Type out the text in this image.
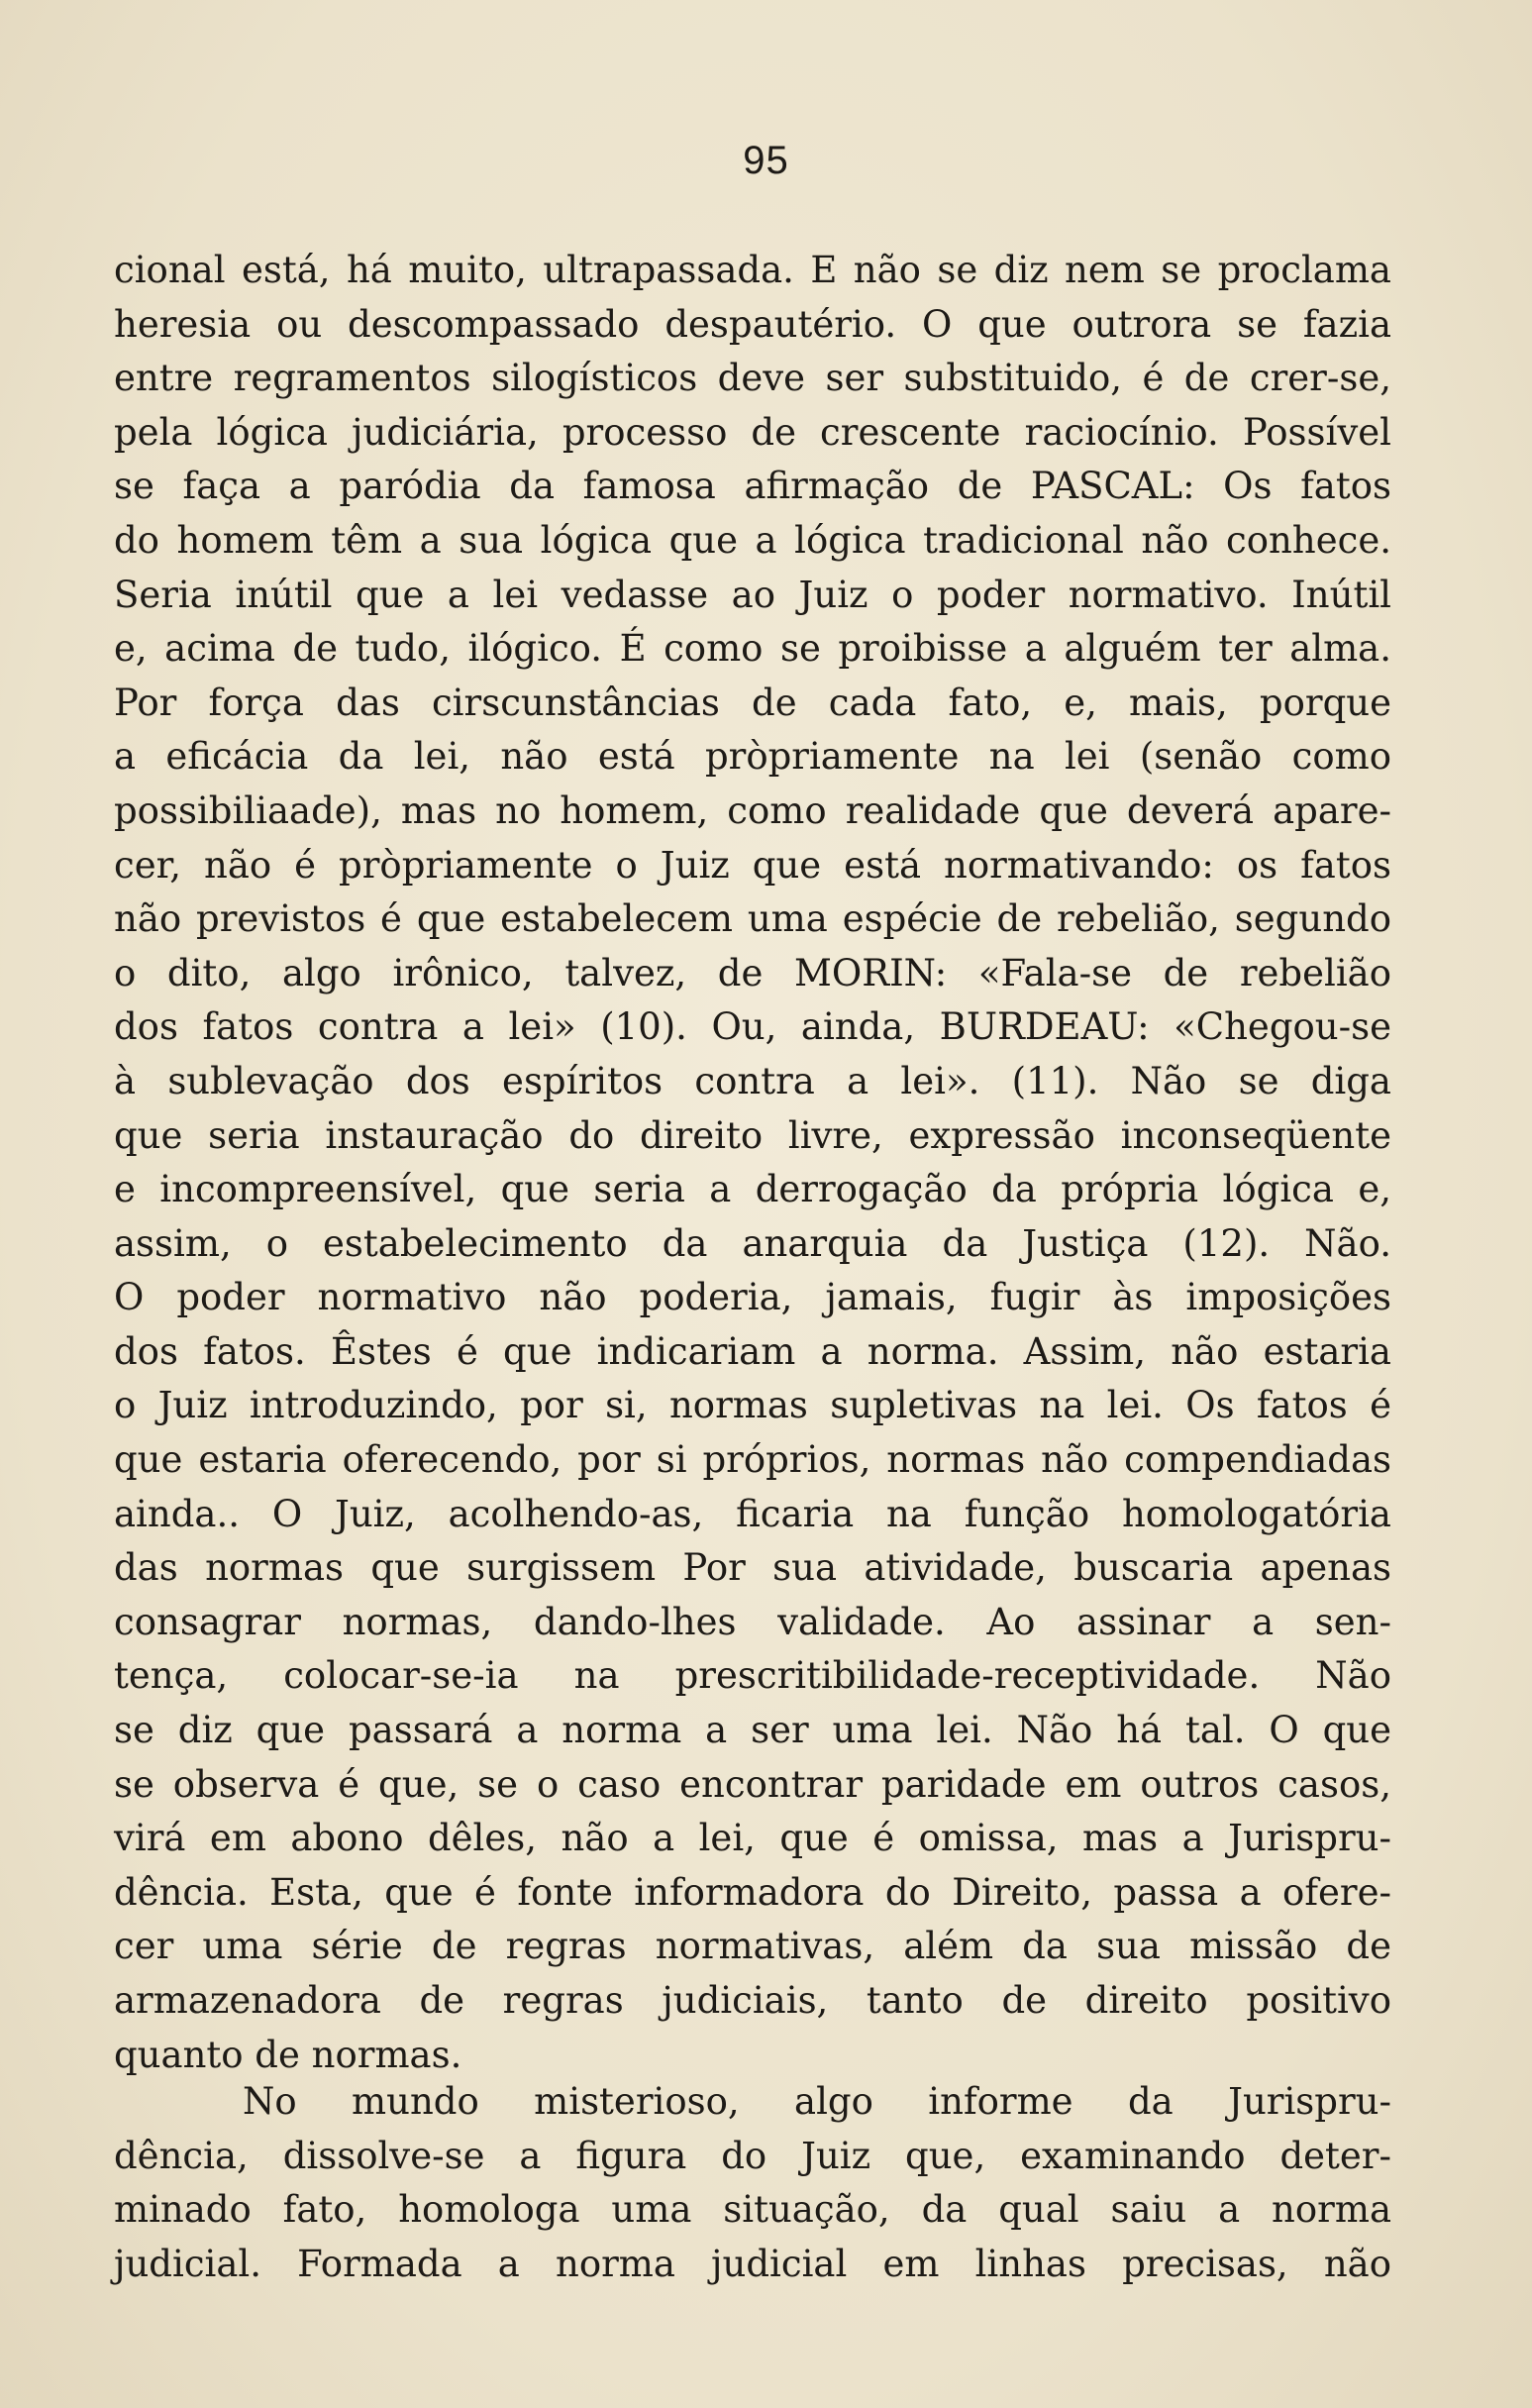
95
cional está, há muito, ultrapassada. E não se diz nem se proclama
heresia ou descompassado despautério. O que outrora se fazia
entre regramentos silogísticos deve ser substituido, é de crer-se,
pela lógica judiciária, processo de crescente raciocínio. Possível
se faça a paródia da famosa afirmação de PASCAL: Os fatos
do homem têm a sua lógica que a lógica tradicional não conhece.
Seria inútil que a lei vedasse ao Juiz o poder normativo. Inútil
e, acima de tudo, ilógico. É como se proibisse a alguém ter alma.
Por força das cirscunstâncias de cada fato, e, mais, porque
a eficácia da lei, não está pròpriamente na lei (senão como
possibiliaade), mas no homem, como realidade que deverá apare-
cer, não é pròpriamente o Juiz que está normativando: os fatos
não previstos é que estabelecem uma espécie de rebelião, segundo
o dito, algo irônico, talvez, de MORIN: «Fala-se de rebelião
dos fatos contra a lei» (10). Ou, ainda, BURDEAU: «Chegou-se
à sublevação dos espíritos contra a lei». (11). Não se diga
que seria instauração do direito livre, expressão inconseqüente
e incompreensível, que seria a derrogação da própria lógica e,
assim, o estabelecimento da anarquia da Justiça (12). Não.
O poder normativo não poderia, jamais, fugir às imposições
dos fatos. Êstes é que indicariam a norma. Assim, não estaria
o Juiz introduzindo, por si, normas supletivas na lei. Os fatos é
que estaria oferecendo, por si próprios, normas não compendiadas
ainda.. O Juiz, acolhendo-as, ficaria na função homologatória
das normas que surgissem Por sua atividade, buscaria apenas
consagrar normas, dando-lhes validade. Ao assinar a sen-
tença, colocar-se-ia na prescritibilidade-receptividade. Não
se diz que passará a norma a ser uma lei. Não há tal. O que
se observa é que, se o caso encontrar paridade em outros casos,
virá em abono dêles, não a lei, que é omissa, mas a Jurispru-
dência. Esta, que é fonte informadora do Direito, passa a ofere-
cer uma série de regras normativas, além da sua missão de
armazenadora de regras judiciais, tanto de direito positivo
quanto de normas.
No mundo misterioso, algo informe da Jurispru-
dência, dissolve-se a figura do Juiz que, examinando deter-
minado fato, homologa uma situação, da qual saiu a norma
judicial. Formada a norma judicial em linhas precisas, não
